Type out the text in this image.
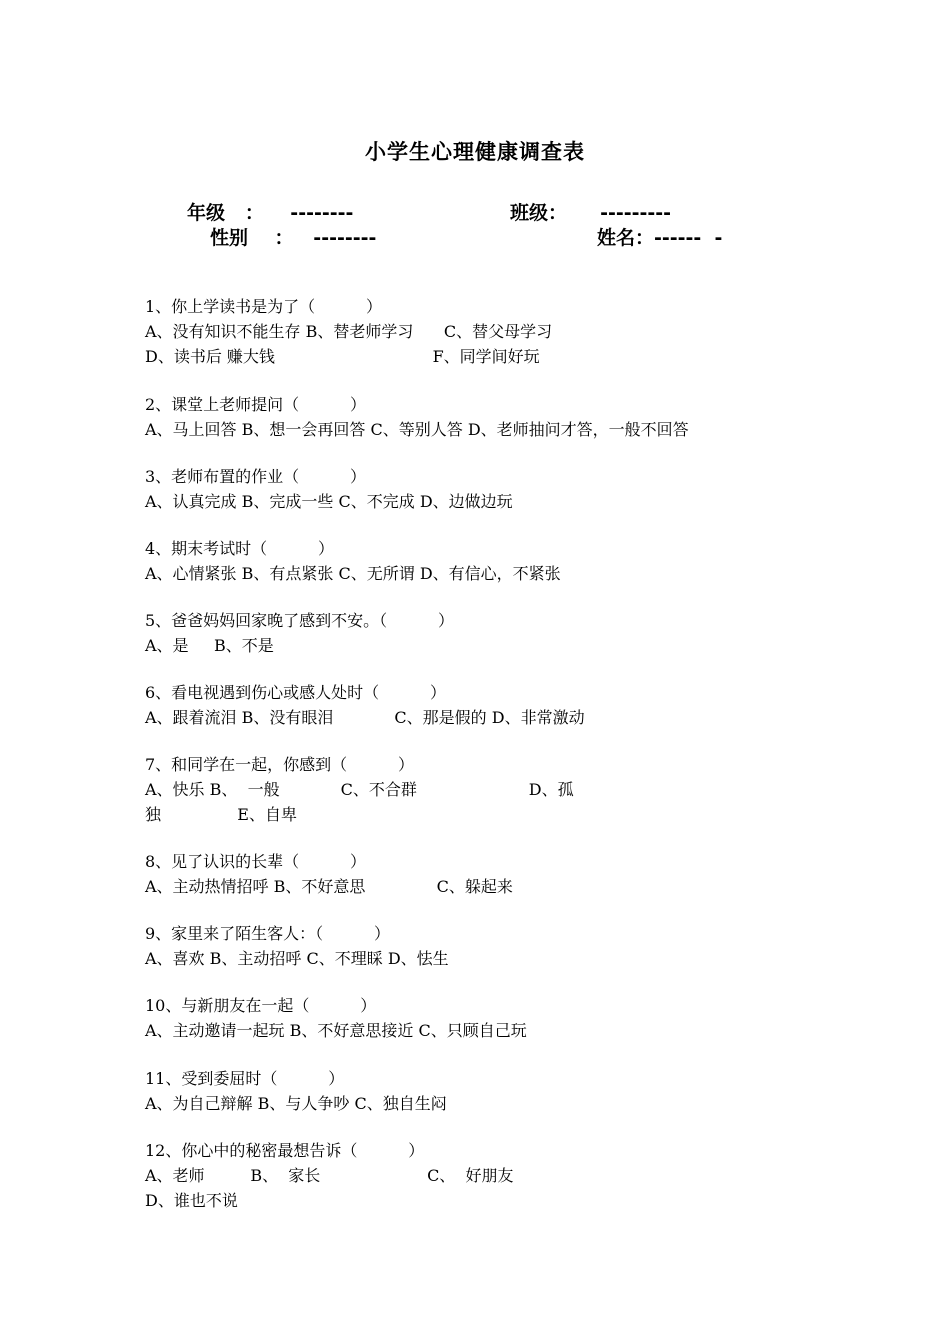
小学生心理健康调查表
年级   ：    --------	班级：     ---------
性别    ：   --------	姓名：------  -
1、你上学读书是为了（          ）
A、没有知识不能生存 B、替老师学习      C、替父母学习
D、读书后 赚大钱                               F、同学间好玩
2、课堂上老师提问（          ）
A、马上回答 B、想一会再回答 C、等别人答 D、老师抽问才答，一般不回答
3、老师布置的作业（          ）
A、认真完成 B、完成一些 C、不完成 D、边做边玩
4、期末考试时（          ）
A、心情紧张 B、有点紧张 C、无所谓 D、有信心，不紧张
5、爸爸妈妈回家晚了感到不安。（          ）
A、是     B、不是
6、看电视遇到伤心或感人处时（          ）
A、跟着流泪 B、没有眼泪            C、那是假的 D、非常激动
7、和同学在一起，你感到（          ）
A、快乐 B、  一般            C、不合群                      D、孤
独               E、自卑
8、见了认识的长辈（          ）
A、主动热情招呼 B、不好意思              C、躲起来
9、家里来了陌生客人：（          ）
A、喜欢 B、主动招呼 C、不理睬 D、怯生
10、与新朋友在一起（          ）
A、主动邀请一起玩 B、不好意思接近 C、只顾自己玩
11、受到委屈时（          ）
A、为自己辩解 B、与人争吵 C、独自生闷
12、你心中的秘密最想告诉（          ）
A、老师         B、  家长                     C、  好朋友
D、谁也不说
